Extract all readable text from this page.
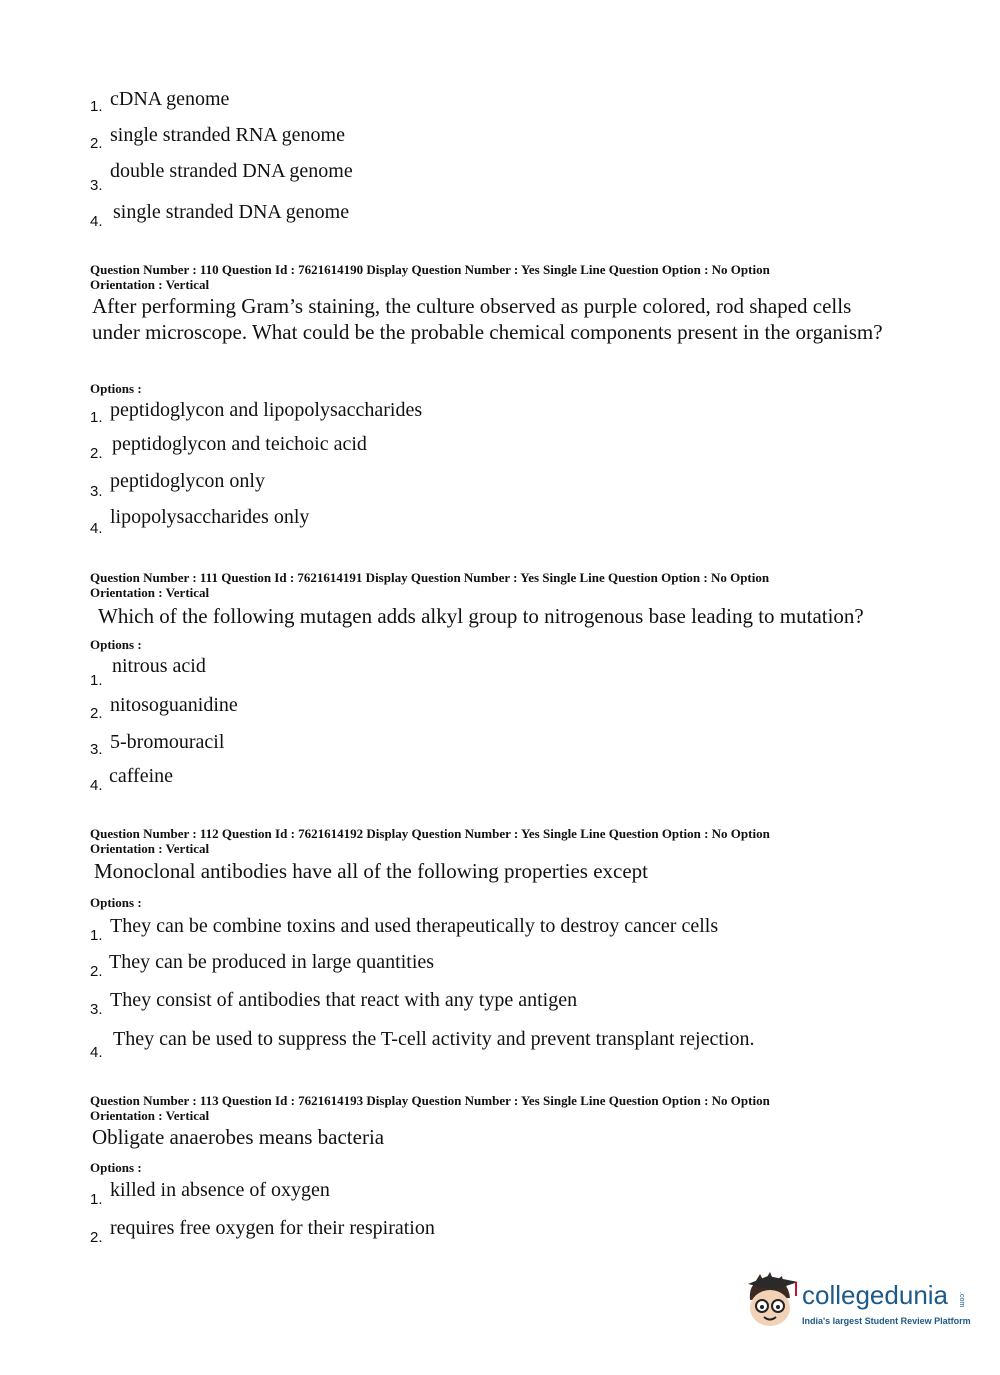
1. cDNA genome
2. single stranded RNA genome
3.
double stranded DNA genome
4. single stranded DNA genome
Question Number : 110 Question Id : 7621614190 Display Question Number : Yes Single Line Question Option : No Option
Orientation : Vertical
After performing Gram’s staining, the culture observed as purple colored, rod shaped cells under microscope. What could be the probable chemical components present in the organism?
Options :
1. peptidoglycon and lipopolysaccharides
2. peptidoglycon and teichoic acid
3. peptidoglycon only
4.
lipopolysaccharides only
Question Number : 111 Question Id : 7621614191 Display Question Number : Yes Single Line Question Option : No Option
Orientation : Vertical
Which of the following mutagen adds alkyl group to nitrogenous base leading to mutation?
Options :
1.
nitrous acid
2. nitosoguanidine
3. 5-bromouracil
4. caffeine
Question Number : 112 Question Id : 7621614192 Display Question Number : Yes Single Line Question Option : No Option
Orientation : Vertical
Monoclonal antibodies have all of the following properties except
Options :
1. They can be combine toxins and used therapeutically to destroy cancer cells
2. They can be produced in large quantities
3. They consist of antibodies that react with any type antigen
4.
They can be used to suppress the T-cell activity and prevent transplant rejection.
Question Number : 113 Question Id : 7621614193 Display Question Number : Yes Single Line Question Option : No Option
Orientation : Vertical
Obligate anaerobes means bacteria
Options :
1. killed in absence of oxygen
2. requires free oxygen for their respiration
collegedunia .com
India's largest Student Review Platform
